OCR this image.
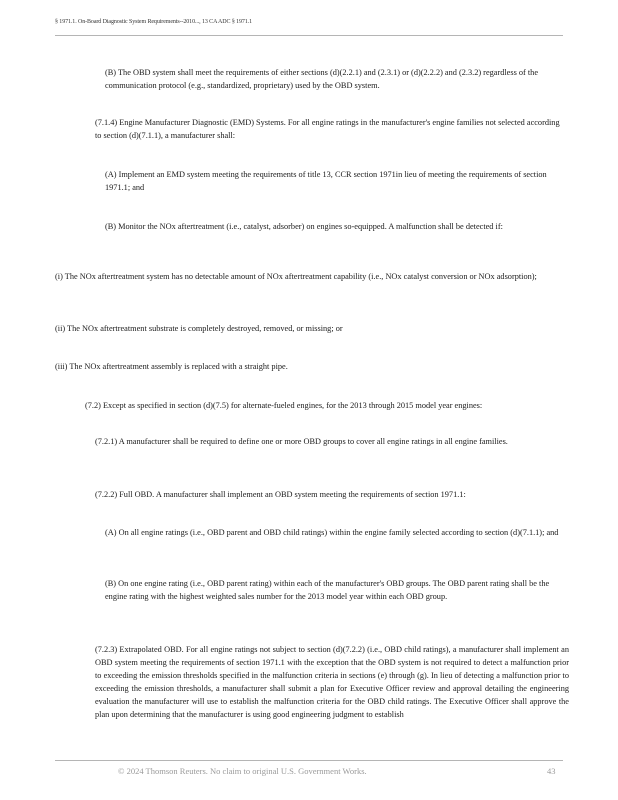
§ 1971.1. On-Board Diagnostic System Requirements--2010..., 13 CA ADC § 1971.1

(B) The OBD system shall meet the requirements of either sections (d)(2.2.1) and (2.3.1) or (d)(2.2.2) and (2.3.2) regardless of the communication protocol (e.g., standardized, proprietary) used by the OBD system.

(7.1.4) Engine Manufacturer Diagnostic (EMD) Systems. For all engine ratings in the manufacturer's engine families not selected according to section (d)(7.1.1), a manufacturer shall:

(A) Implement an EMD system meeting the requirements of title 13, CCR section 1971in lieu of meeting the requirements of section 1971.1; and

(B) Monitor the NOx aftertreatment (i.e., catalyst, adsorber) on engines so-equipped. A malfunction shall be detected if:

(i) The NOx aftertreatment system has no detectable amount of NOx aftertreatment capability (i.e., NOx catalyst conversion or NOx adsorption);

(ii) The NOx aftertreatment substrate is completely destroyed, removed, or missing; or

(iii) The NOx aftertreatment assembly is replaced with a straight pipe.

(7.2) Except as specified in section (d)(7.5) for alternate-fueled engines, for the 2013 through 2015 model year engines:

(7.2.1) A manufacturer shall be required to define one or more OBD groups to cover all engine ratings in all engine families.

(7.2.2) Full OBD. A manufacturer shall implement an OBD system meeting the requirements of section 1971.1:

(A) On all engine ratings (i.e., OBD parent and OBD child ratings) within the engine family selected according to section (d)(7.1.1); and

(B) On one engine rating (i.e., OBD parent rating) within each of the manufacturer's OBD groups. The OBD parent rating shall be the engine rating with the highest weighted sales number for the 2013 model year within each OBD group.

(7.2.3) Extrapolated OBD. For all engine ratings not subject to section (d)(7.2.2) (i.e., OBD child ratings), a manufacturer shall implement an OBD system meeting the requirements of section 1971.1 with the exception that the OBD system is not required to detect a malfunction prior to exceeding the emission thresholds specified in the malfunction criteria in sections (e) through (g). In lieu of detecting a malfunction prior to exceeding the emission thresholds, a manufacturer shall submit a plan for Executive Officer review and approval detailing the engineering evaluation the manufacturer will use to establish the malfunction criteria for the OBD child ratings. The Executive Officer shall approve the plan upon determining that the manufacturer is using good engineering judgment to establish

© 2024 Thomson Reuters. No claim to original U.S. Government Works.	43
